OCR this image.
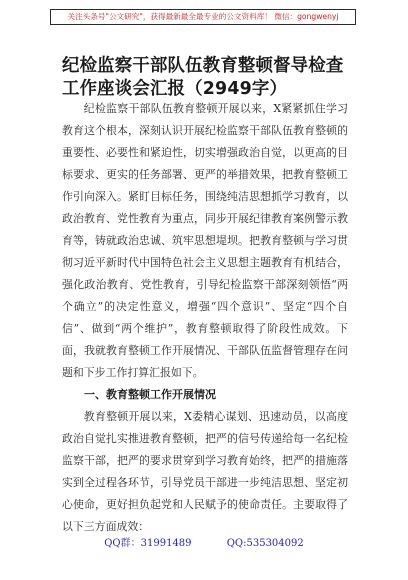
关注头条号"公文研究"，获得最新最全最专业的公文资料库！ 微信：gongwenyj
纪检监察干部队伍教育整顿督导检查工作座谈会汇报（2949字）

纪检监察干部队伍教育整顿开展以来，X紧紧抓住学习教育这个根本，深刻认识开展纪检监察干部队伍教育整顿的重要性、必要性和紧迫性，切实增强政治自觉，以更高的目标要求、更实的任务部署、更严的举措效果，把教育整顿工作引向深入。紧盯目标任务，围绕纯洁思想抓学习教育，以政治教育、党性教育为重点，同步开展纪律教育案例警示教育等，铸就政治忠诚、筑牢思想堤坝。把教育整顿与学习贯彻习近平新时代中国特色社会主义思想主题教育有机结合，强化政治教育、党性教育，引导纪检监察干部深刻领悟“两个确立”的决定性意义，增强“四个意识”、坚定“四个自信”、做到“两个维护”，教育整顿取得了阶段性成效。下面，我就教育整顿工作开展情况、干部队伍监督管理存在问题和下步工作打算汇报如下。

一、教育整顿工作开展情况

教育整顿开展以来，X委精心谋划、迅速动员，以高度政治自觉扎实推进教育整顿，把严的信号传递给每一名纪检监察干部，把严的要求贯穿到学习教育始终，把严的措施落实到全过程各环节，引导党员干部进一步纯洁思想、坚定初心使命，更好担负起党和人民赋予的使命责任。主要取得了以下三方面成效：

QQ群：31991489	QQ:535304092
